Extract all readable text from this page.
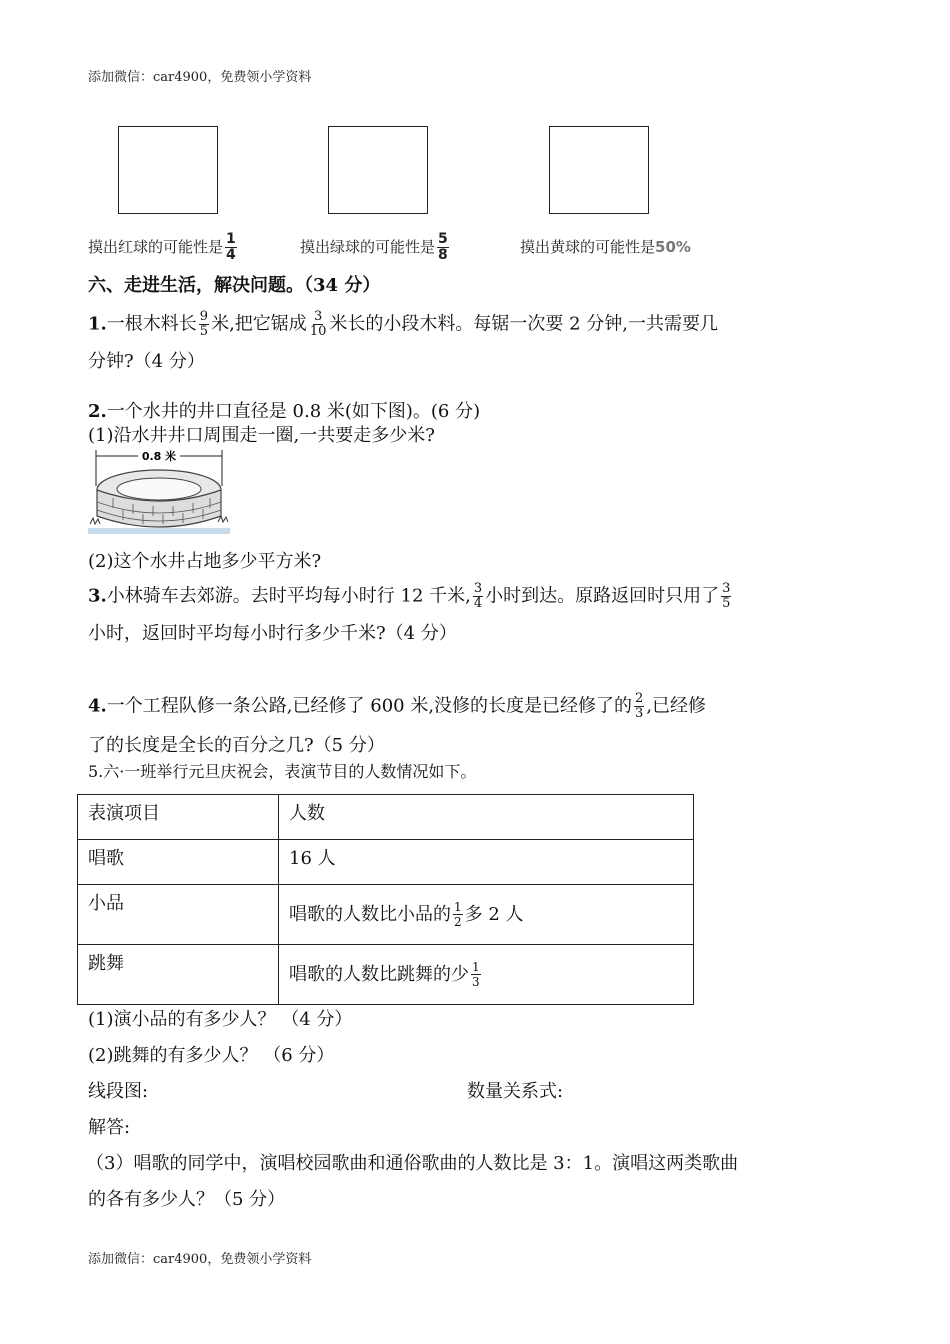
添加微信：car4900，免费领小学资料
摸出红球的可能性是 $\frac{1}{4}$	摸出绿球的可能性是 $\frac{5}{8}$	摸出黄球的可能性是50%
六、走进生活，解决问题。（34 分）
1.一根木料长 $\frac{9}{5}$ 米,把它锯成 $\frac{3}{10}$ 米长的小段木料。每锯一次要 2 分钟,一共需要几
分钟?（4 分）
2.一个水井的井口直径是 0.8 米(如下图)。(6 分)
(1)沿水井井口周围走一圈,一共要走多少米?
0.8 米
(2)这个水井占地多少平方米?
3.小林骑车去郊游。去时平均每小时行 12 千米, $\frac{3}{4}$ 小时到达。原路返回时只用了 $\frac{3}{5}$
小时，返回时平均每小时行多少千米?（4 分）
4.一个工程队修一条公路,已经修了 600 米,没修的长度是已经修了的 $\frac{2}{3}$ ,已经修
了的长度是全长的百分之几?（5 分）
5.六·一班举行元旦庆祝会，表演节目的人数情况如下。
表演项目	人数
唱歌	16 人
小品	唱歌的人数比小品的 $\frac{1}{2}$ 多 2 人
跳舞	唱歌的人数比跳舞的少 $\frac{1}{3}$
(1)演小品的有多少人？ （4 分）
(2)跳舞的有多少人？ （6 分）
线段图:	数量关系式:
解答:
（3）唱歌的同学中，演唱校园歌曲和通俗歌曲的人数比是 3：1。演唱这两类歌曲
的各有多少人？（5 分）
添加微信：car4900，免费领小学资料
